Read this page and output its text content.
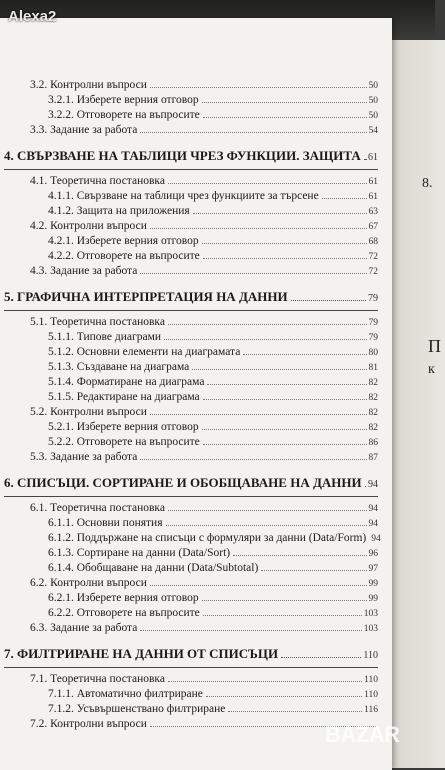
8.
П
к
3.2. Контролни въпроси	50
3.2.1. Изберете верния отговор	50
3.2.2. Отговорете на въпросите	50
3.3. Задание за работа	54
4. СВЪРЗВАНЕ НА ТАБЛИЦИ ЧРЕЗ ФУНКЦИИ. ЗАЩИТА 61
4.1. Теоретична постановка	61
4.1.1. Свързване на таблици чрез функциите за търсене	61
4.1.2. Защита на приложения	63
4.2. Контролни въпроси	67
4.2.1. Изберете верния отговор	68
4.2.2. Отговорете на въпросите	72
4.3. Задание за работа	72
5. ГРАФИЧНА ИНТЕРПРЕТАЦИЯ НА ДАННИ	79
5.1. Теоретична постановка	79
5.1.1. Типове диаграми	79
5.1.2. Основни елементи на диаграмата	80
5.1.3. Създаване на диаграма	81
5.1.4. Форматиране на диаграма	82
5.1.5. Редактиране на диаграма	82
5.2. Контролни въпроси	82
5.2.1. Изберете верния отговор	82
5.2.2. Отговорете на въпросите	86
5.3. Задание за работа	87
6. СПИСЪЦИ. СОРТИРАНЕ И ОБОБЩАВАНЕ НА ДАННИ 94
6.1. Теоретична постановка	94
6.1.1. Основни понятия	94
6.1.2. Поддържане на списъци с формуляри за данни (Data/Form) 94
6.1.3. Сортиране на данни (Data/Sort)	96
6.1.4. Обобщаване на данни (Data/Subtotal)	97
6.2. Контролни въпроси	99
6.2.1. Изберете верния отговор	99
6.2.2. Отговорете на въпросите	103
6.3. Задание за работа	103
7. ФИЛТРИРАНЕ НА ДАННИ ОТ СПИСЪЦИ	110
7.1. Теоретична постановка	110
7.1.1. Автоматично филтриране	110
7.1.2. Усъвършенствано филтриране	116
7.2. Контролни въпроси
Alexa2
BAZAR
